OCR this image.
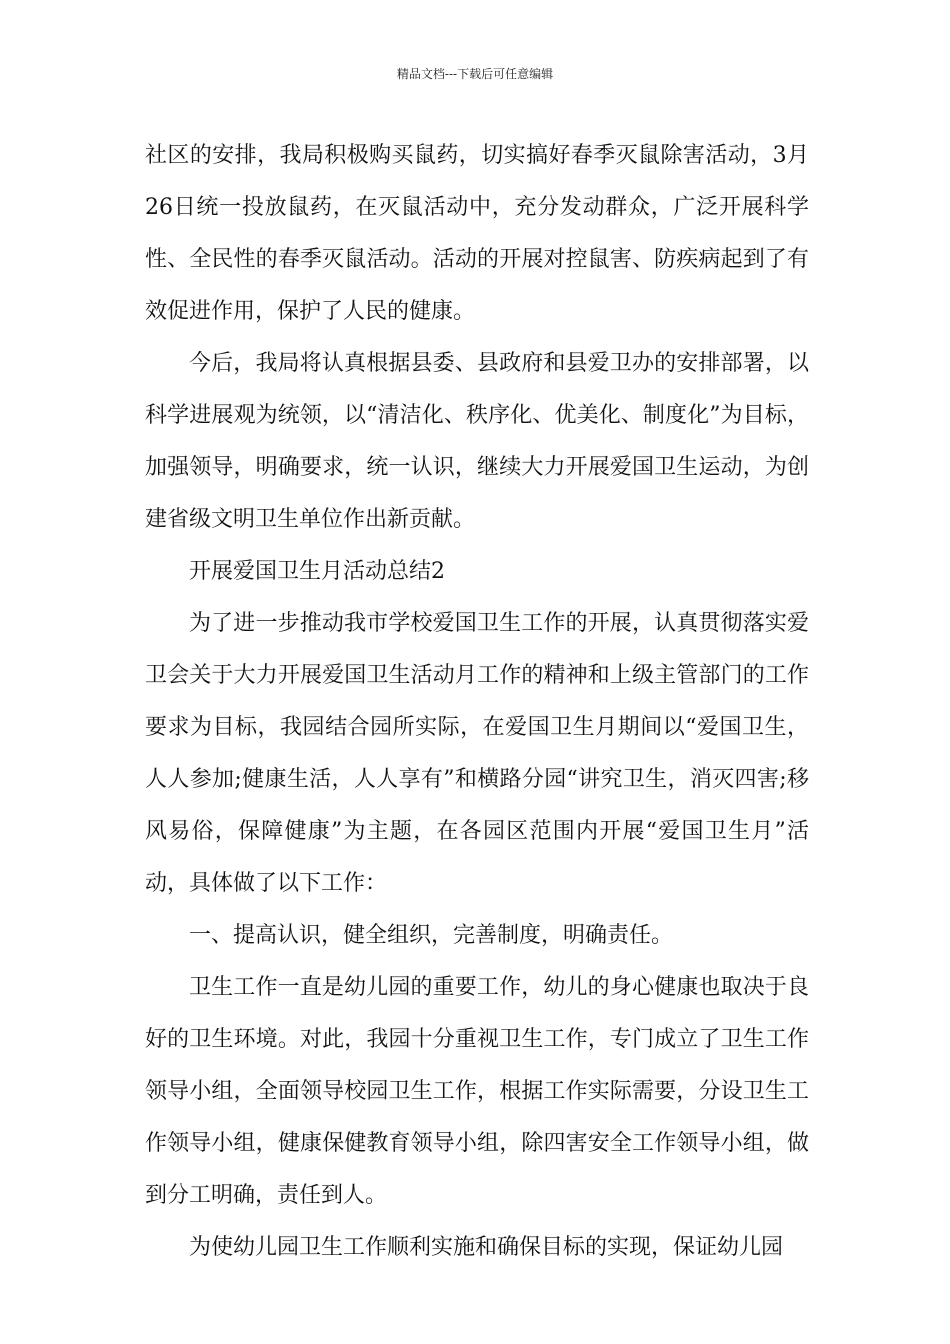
精品文档---下载后可任意编辑

社区的安排，我局积极购买鼠药，切实搞好春季灭鼠除害活动，3月26日统一投放鼠药，在灭鼠活动中，充分发动群众，广泛开展科学性、全民性的春季灭鼠活动。活动的开展对控鼠害、防疾病起到了有效促进作用，保护了人民的健康。

今后，我局将认真根据县委、县政府和县爱卫办的安排部署，以科学进展观为统领，以“清洁化、秩序化、优美化、制度化”为目标，加强领导，明确要求，统一认识，继续大力开展爱国卫生运动，为创建省级文明卫生单位作出新贡献。

开展爱国卫生月活动总结2

为了进一步推动我市学校爱国卫生工作的开展，认真贯彻落实爱卫会关于大力开展爱国卫生活动月工作的精神和上级主管部门的工作要求为目标，我园结合园所实际，在爱国卫生月期间以“爱国卫生，人人参加;健康生活，人人享有”和横路分园“讲究卫生，消灭四害;移风易俗，保障健康”为主题，在各园区范围内开展“爱国卫生月”活动，具体做了以下工作：

一、提高认识，健全组织，完善制度，明确责任。

卫生工作一直是幼儿园的重要工作，幼儿的身心健康也取决于良好的卫生环境。对此，我园十分重视卫生工作，专门成立了卫生工作领导小组，全面领导校园卫生工作，根据工作实际需要，分设卫生工作领导小组，健康保健教育领导小组，除四害安全工作领导小组，做到分工明确，责任到人。

为使幼儿园卫生工作顺利实施和确保目标的实现，保证幼儿园
